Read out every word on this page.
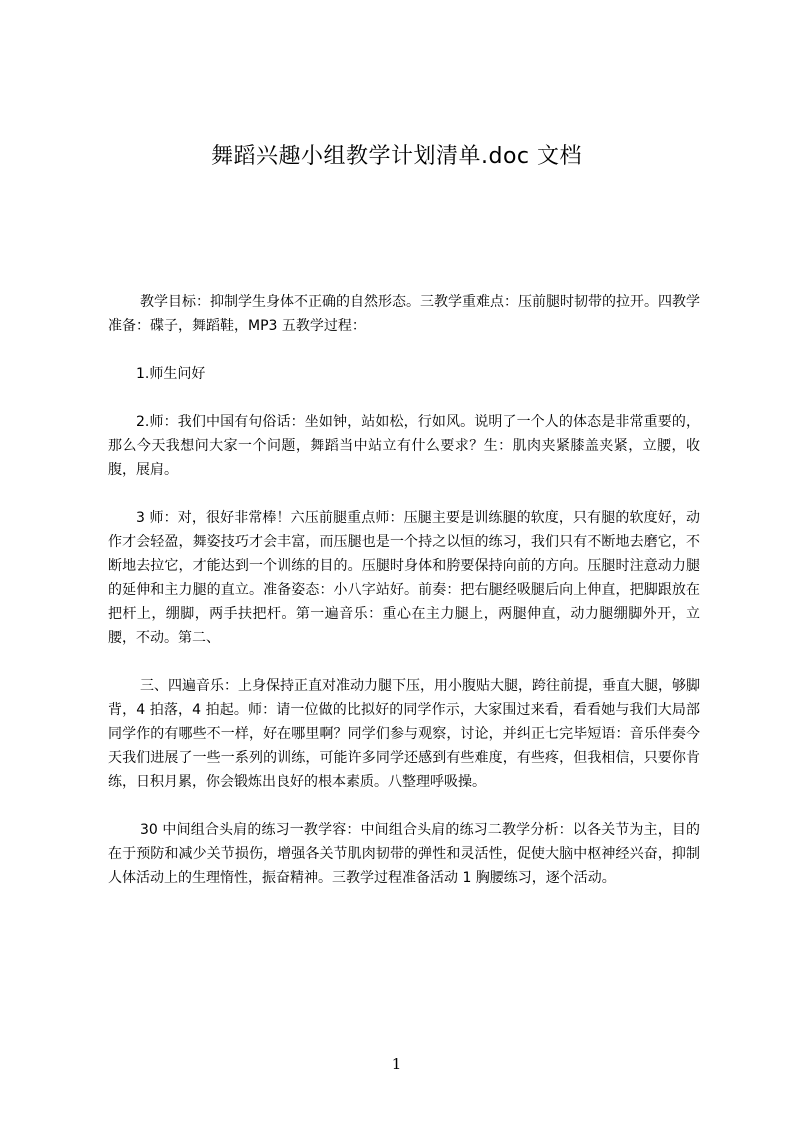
舞蹈兴趣小组教学计划清单.doc 文档

教学目标：抑制学生身体不正确的自然形态。三教学重难点：压前腿时韧带的拉开。四教学准备：碟子，舞蹈鞋，MP3 五教学过程：

1.师生问好

2.师：我们中国有句俗话：坐如钟，站如松，行如风。说明了一个人的体态是非常重要的，那么今天我想问大家一个问题，舞蹈当中站立有什么要求？生：肌肉夹紧膝盖夹紧，立腰，收腹，展肩。

3 师：对，很好非常棒！六压前腿重点师：压腿主要是训练腿的软度，只有腿的软度好，动作才会轻盈，舞姿技巧才会丰富，而压腿也是一个持之以恒的练习，我们只有不断地去磨它，不断地去拉它，才能达到一个训练的目的。压腿时身体和胯要保持向前的方向。压腿时注意动力腿的延伸和主力腿的直立。准备姿态：小八字站好。前奏：把右腿经吸腿后向上伸直，把脚跟放在把杆上，绷脚，两手扶把杆。第一遍音乐：重心在主力腿上，两腿伸直，动力腿绷脚外开，立腰，不动。第二、

三、四遍音乐：上身保持正直对准动力腿下压，用小腹贴大腿，跨往前提，垂直大腿，够脚背，4 拍落，4 拍起。师：请一位做的比拟好的同学作示，大家围过来看，看看她与我们大局部同学作的有哪些不一样，好在哪里啊？同学们参与观察，讨论，并纠正七完毕短语：音乐伴奏今天我们进展了一些一系列的训练，可能许多同学还感到有些难度，有些疼，但我相信，只要你肯练，日积月累，你会锻炼出良好的根本素质。八整理呼吸操。

30 中间组合头肩的练习一教学容：中间组合头肩的练习二教学分析：以各关节为主，目的在于预防和减少关节损伤，增强各关节肌肉韧带的弹性和灵活性，促使大脑中枢神经兴奋，抑制人体活动上的生理惰性，振奋精神。三教学过程准备活动 1 胸腰练习，逐个活动。

1
